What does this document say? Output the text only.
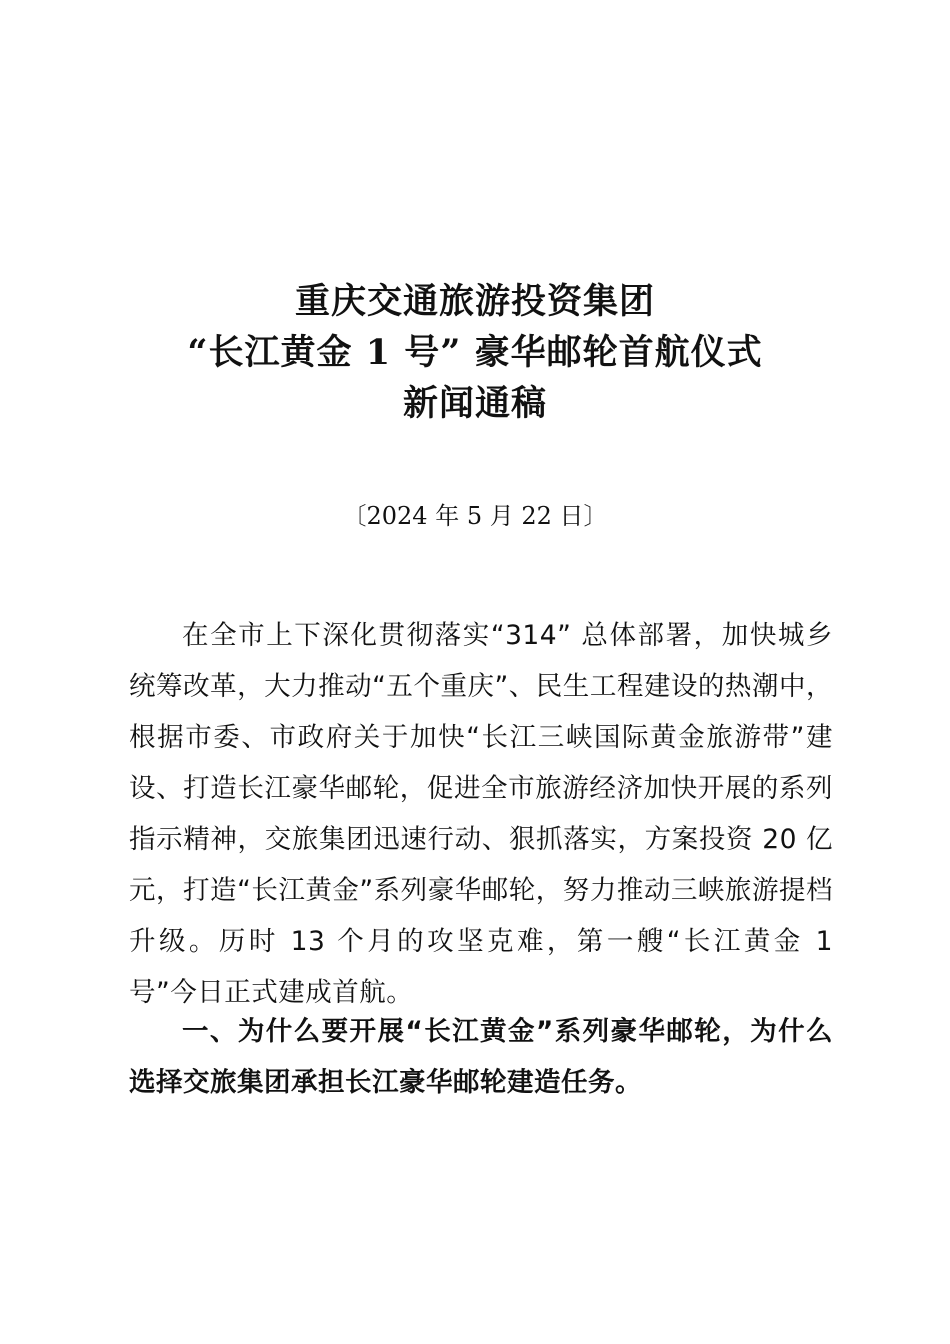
重庆交通旅游投资集团
“长江黄金 1 号” 豪华邮轮首航仪式
新闻通稿
〔2024 年 5 月 22 日〕

在全市上下深化贯彻落实“314” 总体部署，加快城乡统筹改革，大力推动“五个重庆”、民生工程建设的热潮中，根据市委、市政府关于加快“长江三峡国际黄金旅游带”建设、打造长江豪华邮轮，促进全市旅游经济加快开展的系列指示精神，交旅集团迅速行动、狠抓落实，方案投资 20 亿元，打造“长江黄金”系列豪华邮轮，努力推动三峡旅游提档升级。历时 13 个月的攻坚克难，第一艘“长江黄金 1 号”今日正式建成首航。

一、为什么要开展“长江黄金”系列豪华邮轮，为什么选择交旅集团承担长江豪华邮轮建造任务。
